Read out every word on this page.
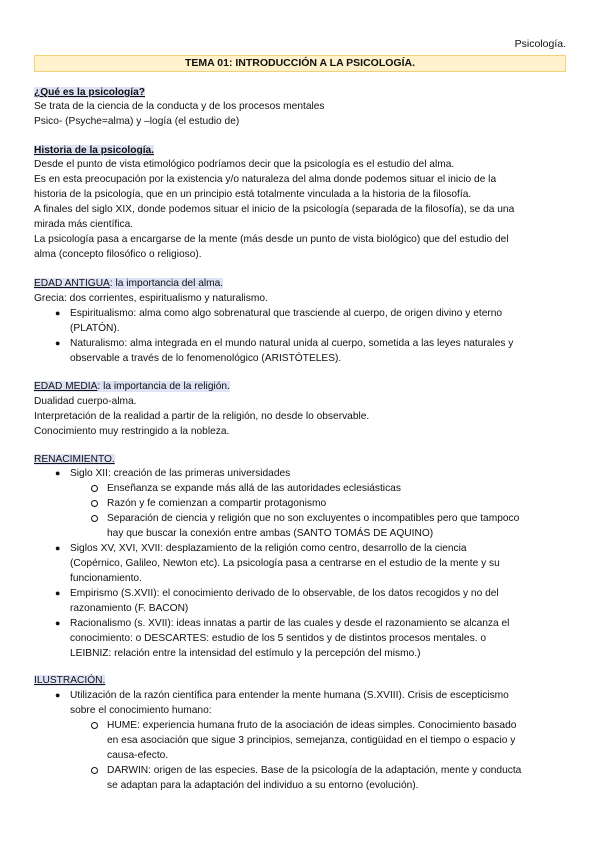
Psicología.
TEMA 01: INTRODUCCIÓN A LA PSICOLOGÍA.
¿Qué es la psicología?
Se trata de la ciencia de la conducta y de los procesos mentales
Psico- (Psyche=alma) y –logía (el estudio de)
Historia de la psicología.
Desde el punto de vista etimológico podríamos decir que la psicología es el estudio del alma.
Es en esta preocupación por la existencia y/o naturaleza del alma donde podemos situar el inicio de la
historia de la psicología, que en un principio está totalmente vinculada a la historia de la filosofía.
A finales del siglo XIX, donde podemos situar el inicio de la psicología (separada de la filosofía), se da una
mirada más científica.
La psicología pasa a encargarse de la mente (más desde un punto de vista biológico) que del estudio del
alma (concepto filosófico o religioso).
EDAD ANTIGUA: la importancia del alma.
Grecia: dos corrientes, espiritualismo y naturalismo.
● Espiritualismo: alma como algo sobrenatural que trasciende al cuerpo, de origen divino y eterno
(PLATÓN).
● Naturalismo: alma integrada en el mundo natural unida al cuerpo, sometida a las leyes naturales y
observable a través de lo fenomenológico (ARISTÓTELES).
EDAD MEDIA: la importancia de la religión.
Dualidad cuerpo-alma.
Interpretación de la realidad a partir de la religión, no desde lo observable.
Conocimiento muy restringido a la nobleza.
RENACIMIENTO.
● Siglo XII: creación de las primeras universidades
Enseñanza se expande más allá de las autoridades eclesiásticas
Razón y fe comienzan a compartir protagonismo
Separación de ciencia y religión que no son excluyentes o incompatibles pero que tampoco
hay que buscar la conexión entre ambas (SANTO TOMÁS DE AQUINO)
● Siglos XV, XVI, XVII: desplazamiento de la religión como centro, desarrollo de la ciencia
(Copérnico, Galileo, Newton etc). La psicología pasa a centrarse en el estudio de la mente y su
funcionamiento.
● Empirismo (S.XVII): el conocimiento derivado de lo observable, de los datos recogidos y no del
razonamiento (F. BACON)
● Racionalismo (s. XVII): ideas innatas a partir de las cuales y desde el razonamiento se alcanza el
conocimiento: o DESCARTES: estudio de los 5 sentidos y de distintos procesos mentales. o
LEIBNIZ: relación entre la intensidad del estímulo y la percepción del mismo.)
ILUSTRACIÓN.
● Utilización de la razón científica para entender la mente humana (S.XVIII). Crisis de escepticismo
sobre el conocimiento humano:
HUME: experiencia humana fruto de la asociación de ideas simples. Conocimiento basado
en esa asociación que sigue 3 principios, semejanza, contigüidad en el tiempo o espacio y
causa-efecto.
DARWIN: origen de las especies. Base de la psicología de la adaptación, mente y conducta
se adaptan para la adaptación del individuo a su entorno (evolución).
